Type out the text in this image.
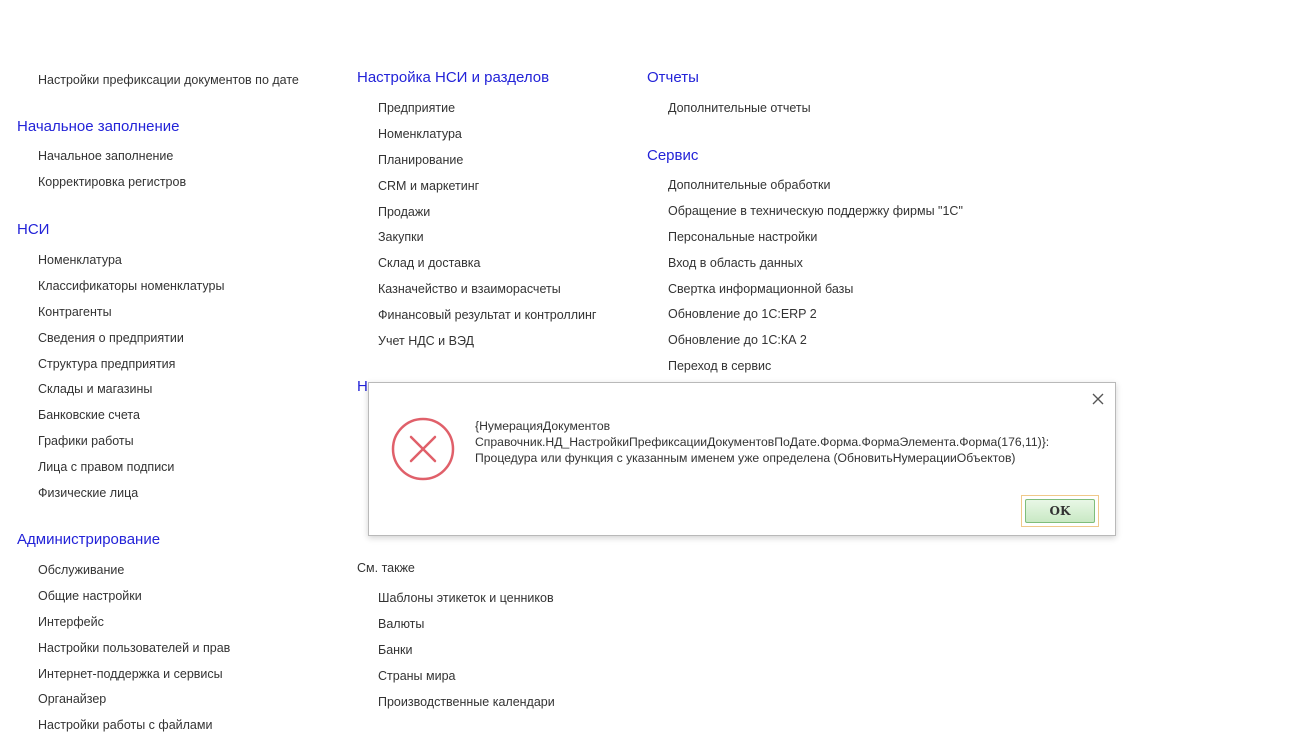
Настройки префиксации документов по дате
Начальное заполнение
Начальное заполнение
Корректировка регистров
НСИ
Номенклатура
Классификаторы номенклатуры
Контрагенты
Сведения о предприятии
Структура предприятия
Склады и магазины
Банковские счета
Графики работы
Лица с правом подписи
Физические лица
Администрирование
Обслуживание
Общие настройки
Интерфейс
Настройки пользователей и прав
Интернет-поддержка и сервисы
Органайзер
Настройки работы с файлами
Настройка НСИ и разделов
Предприятие
Номенклатура
Планирование
CRM и маркетинг
Продажи
Закупки
Склад и доставка
Казначейство и взаиморасчеты
Финансовый результат и контроллинг
Учет НДС и ВЭД
Н
См. также
Шаблоны этикеток и ценников
Валюты
Банки
Страны мира
Производственные календари
Отчеты
Дополнительные отчеты
Сервис
Дополнительные обработки
Обращение в техническую поддержку фирмы "1С"
Персональные настройки
Вход в область данных
Свертка информационной базы
Обновление до 1С:ERP 2
Обновление до 1С:КА 2
Переход в сервис
{НумерацияДокументов
Справочник.НД_НастройкиПрефиксацииДокументовПоДате.Форма.ФормаЭлемента.Форма(176,11)}:
Процедура или функция с указанным именем уже определена (ОбновитьНумерацииОбъектов)
OK
